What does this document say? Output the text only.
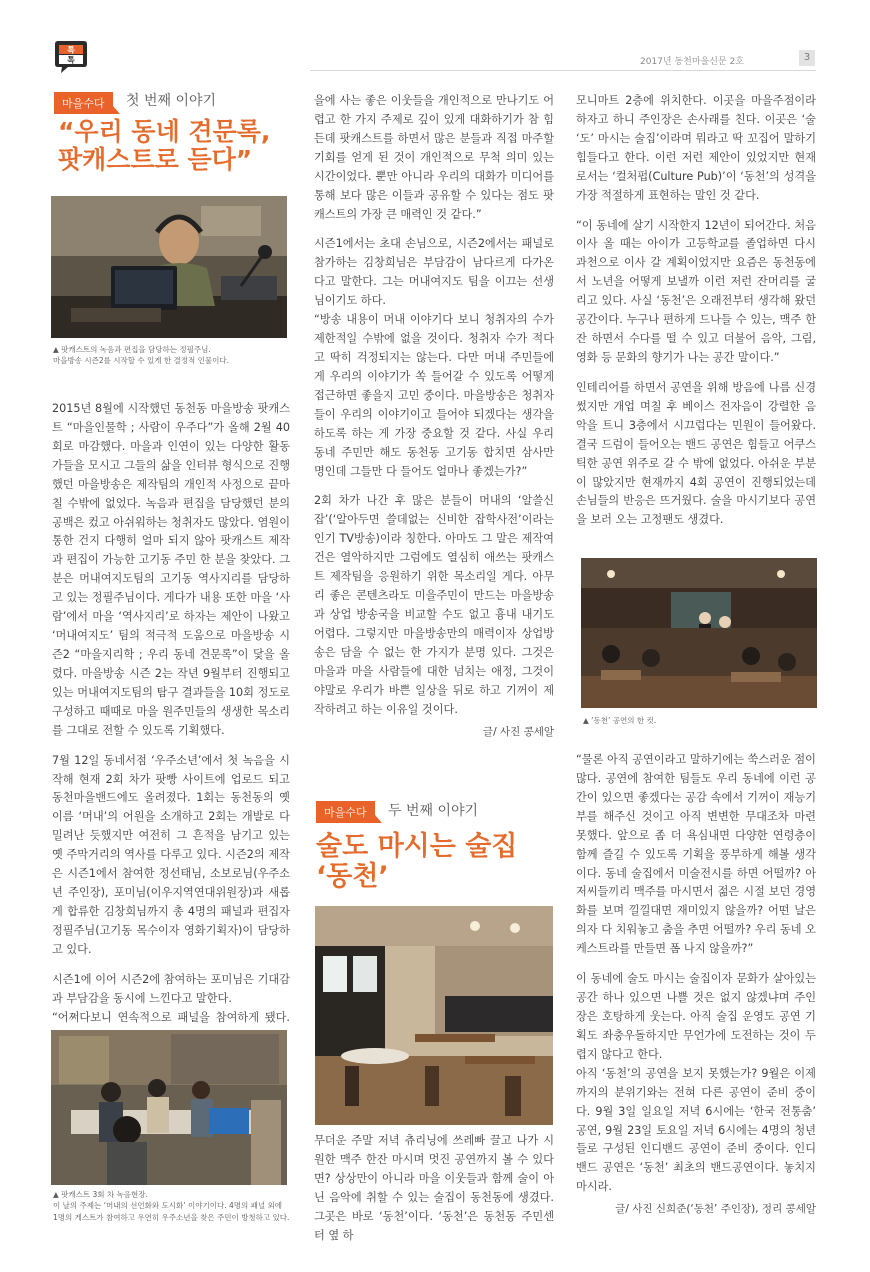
톡
톡	2017년 동천마을신문 2호	3
마을수다	첫 번째 이야기
“우리 동네 견문록,
팟캐스트로 듣다”
▲ 팟캐스트의 녹음과 편집을 담당하는 정필주님.
마을방송 시즌2를 시작할 수 있게 한 결정적 인물이다.

2015년 8월에 시작했던 동천동 마을방송 팟캐스트 “마을인물학 ; 사람이 우주다”가 올해 2월 40회로 마감했다. 마을과 인연이 있는 다양한 활동가들을 모시고 그들의 삶을 인터뷰 형식으로 진행했던 마을방송은 제작팀의 개인적 사정으로 끝마칠 수밖에 없었다. 녹음과 편집을 담당했던 분의 공백은 컸고 아쉬워하는 청취자도 많았다. 염원이 통한 건지 다행히 얼마 되지 않아 팟캐스트 제작과 편집이 가능한 고기동 주민 한 분을 찾았다. 그분은 머내여지도팀의 고기동 역사지리를 담당하고 있는 정필주님이다. 게다가 내용 또한 마을 ‘사람’에서 마을 ‘역사지리’로 하자는 제안이 나왔고 ‘머내여지도’ 팀의 적극적 도움으로 마을방송 시즌2 “마을지리학 ; 우리 동네 견문록”이 닻을 올렸다. 마을방송 시즌 2는 작년 9월부터 진행되고 있는 머내여지도팀의 탐구 결과들을 10회 정도로 구성하고 때때로 마을 원주민들의 생생한 목소리를 그대로 전할 수 있도록 기획했다.

7월 12일 동네서점 ‘우주소년’에서 첫 녹음을 시작해 현재 2회 차가 팟빵 사이트에 업로드 되고 동천마을밴드에도 올려졌다. 1회는 동천동의 옛이름 ‘머내’의 어원을 소개하고 2회는 개발로 다 밀려난 듯했지만 여전히 그 흔적을 남기고 있는 옛 주막거리의 역사를 다루고 있다. 시즌2의 제작은 시즌1에서 참여한 정선태님, 소보로님(우주소년 주인장), 포미님(이우지역연대위원장)과 새롭게 합류한 김창희님까지 총 4명의 패널과 편집자 정필주님(고기동 목수이자 영화기획자)이 담당하고 있다.

시즌1에 이어 시즌2에 참여하는 포미님은 기대감과 부담감을 동시에 느낀다고 말한다.

“어쩌다보니 연속적으로 패널을 참여하게 됐다.

▲ 팟캐스트 3회 차 녹음현장.
이 날의 주제는 ‘머내의 선언화와 도시화’ 이야기이다. 4명의 패널 외에
1명의 게스트가 참여하고 우연히 우주소년을 찾은 주민이 방청하고 있다.

을에 사는 좋은 이웃들을 개인적으로 만나기도 어렵고 한 가지 주제로 깊이 있게 대화하기가 참 힘든데 팟캐스트를 하면서 많은 분들과 직접 마주할 기회를 얻게 된 것이 개인적으로 무척 의미 있는 시간이었다. 뿐만 아니라 우리의 대화가 미디어를 통해 보다 많은 이들과 공유할 수 있다는 점도 팟캐스트의 가장 큰 매력인 것 같다.”

시즌1에서는 초대 손님으로, 시즌2에서는 패널로 참가하는 김창희님은 부담감이 남다르게 다가온다고 말한다. 그는 머내여지도 팀을 이끄는 선생님이기도 하다.

“방송 내용이 머내 이야기다 보니 청취자의 수가 제한적일 수밖에 없을 것이다. 청취자 수가 적다고 딱히 걱정되지는 않는다. 다만 머내 주민들에게 우리의 이야기가 쏙 들어갈 수 있도록 어떻게 접근하면 좋을지 고민 중이다. 마을방송은 청취자들이 우리의 이야기이고 들어야 되겠다는 생각을 하도록 하는 게 가장 중요할 것 같다. 사실 우리 동네 주민만 해도 동천동 고기동 합치면 삼사만 명인데 그들만 다 들어도 얼마나 좋겠는가?”

2회 차가 나간 후 많은 분들이 머내의 ‘알쓸신잡’(‘알아두면 쓸데없는 신비한 잡학사전’이라는 인기 TV방송)이라 칭한다. 아마도 그 말은 제작여건은 열악하지만 그럼에도 열심히 애쓰는 팟캐스트 제작팀을 응원하기 위한 목소리일 게다. 아무리 좋은 콘텐츠라도 미을주민이 만드는 마을방송과 상업 방송국을 비교할 수도 없고 흉내 내기도 어렵다. 그렇지만 마을방송만의 매력이자 상업방송은 담을 수 없는 한 가지가 분명 있다. 그것은 마을과 마을 사람들에 대한 넘치는 애정, 그것이야말로 우리가 바쁜 일상을 뒤로 하고 기꺼이 제작하려고 하는 이유일 것이다.

글/ 사진 콩세알

마을수다	두 번째 이야기
술도 마시는 술집
‘동천’

무더운 주말 저녁 츄리닝에 쓰레빠 끌고 나가 시원한 맥주 한잔 마시며 멋진 공연까지 볼 수 있다면? 상상만이 아니라 마을 이웃들과 함께 술이 아닌 음악에 취할 수 있는 술집이 동천동에 생겼다. 그곳은 바로 ‘동천’이다. ‘동천’은 동천동 주민센터 옆 하

모니마트 2층에 위치한다. 이곳을 마을주점이라 하자고 하니 주인장은 손사래를 친다. 이곳은 ‘술 ‘도’ 마시는 술집’이라며 뭐라고 딱 꼬집어 말하기 힘들다고 한다. 이런 저런 제안이 있었지만 현재로서는 ‘컬처펍(Culture Pub)’이 ‘동천’의 성격을 가장 적절하게 표현하는 말인 것 같다.

“이 동네에 살기 시작한지 12년이 되어간다. 처음 이사 올 때는 아이가 고등학교를 졸업하면 다시 과천으로 이사 갈 계획이었지만 요즘은 동천동에서 노년을 어떻게 보낼까 이런 저런 잔머리를 굴리고 있다. 사실 ‘동천’은 오래전부터 생각해 왔던 공간이다. 누구나 편하게 드나들 수 있는, 맥주 한잔 하면서 수다를 떨 수 있고 더불어 음악, 그림, 영화 등 문화의 향기가 나는 공간 말이다.”

인테리어를 하면서 공연을 위해 방음에 나름 신경 썼지만 개업 며칠 후 베이스 전자음이 강렬한 음악을 트니 3층에서 시끄럽다는 민원이 들어왔다. 결국 드럼이 들어오는 밴드 공연은 힘들고 어쿠스틱한 공연 위주로 갈 수 밖에 없었다. 아쉬운 부분이 많았지만 현재까지 4회 공연이 진행되었는데 손님들의 반응은 뜨거웠다. 술을 마시기보다 공연을 보러 오는 고정팬도 생겼다.

▲ ‘동천’ 공연의 한 컷.

“물론 아직 공연이라고 말하기에는 쑥스러운 점이 많다. 공연에 참여한 팀들도 우리 동네에 이런 공간이 있으면 좋겠다는 공감 속에서 기꺼이 재능기부를 해주신 것이고 아직 변변한 무대조차 마련 못했다. 앞으로 좀 더 욕심내면 다양한 연령층이 함께 즐길 수 있도록 기획을 풍부하게 해볼 생각이다. 동네 술집에서 미술전시를 하면 어떨까? 아저씨들끼리 맥주를 마시면서 젊은 시절 보던 경영화를 보며 낄낄대면 재미있지 않을까? 어떤 날은 의자 다 치워놓고 춤을 추면 어떨까? 우리 동네 오케스트라를 만들면 폼 나지 않을까?”

이 동네에 술도 마시는 술집이자 문화가 살아있는 공간 하나 있으면 나쁠 것은 없지 않겠냐며 주인장은 호탕하게 웃는다. 아직 술집 운영도 공연 기획도 좌충우돌하지만 무언가에 도전하는 것이 두렵지 않다고 한다.

아직 ‘동천’의 공연을 보지 못했는가? 9월은 이제까지의 분위기와는 전혀 다른 공연이 준비 중이다. 9월 3일 일요일 저녁 6시에는 ‘한국 전통춤’ 공연, 9월 23일 토요일 저녁 6시에는 4명의 청년들로 구성된 인디밴드 공연이 준비 중이다. 인디밴드 공연은 ‘동천’ 최초의 밴드공연이다. 놓치지 마시라.

글/ 사진 신희준(‘동천’ 주인장), 정리 콩세알
